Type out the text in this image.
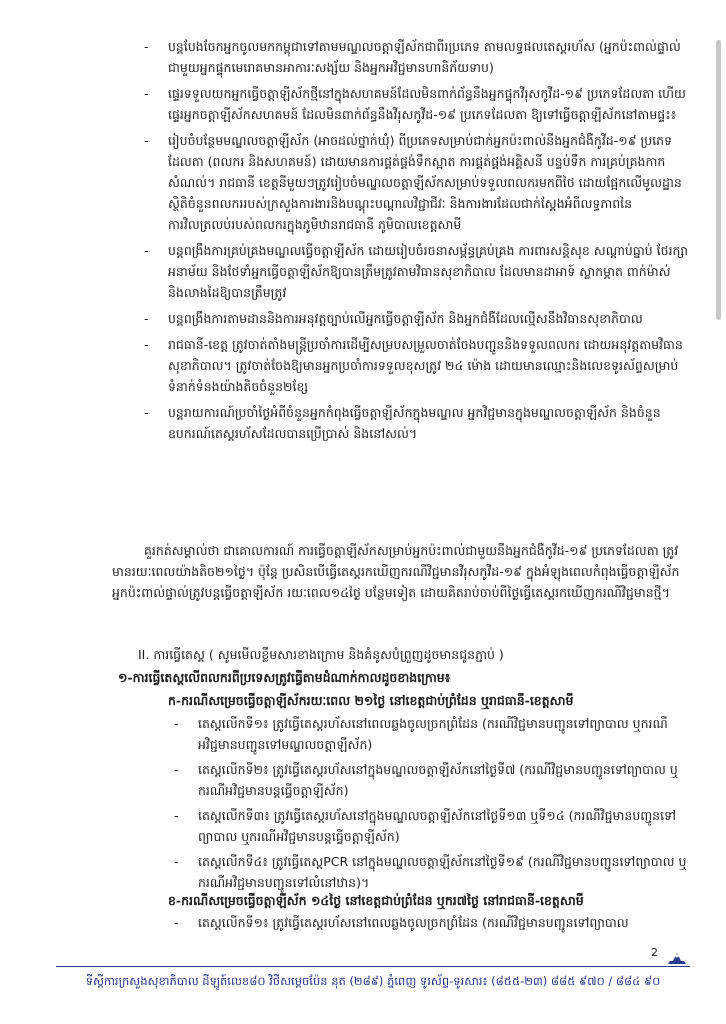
- បន្តបែងចែកអ្នកចូលមកកម្ពុជាទៅតាមមណ្ឌលចត្តាឡីស័កជាពីរប្រភេទ តាមលទ្ធផលតេស្តរហ័ស (អ្នកប៉ះពាល់ផ្ទាល់ជាមួយអ្នកផ្ទុកមេរោគមានអាការៈសង្ស័យ និងអ្នកអវិជ្ជមានហានិភ័យទាប)
- ផ្ទេរទទួលយកអ្នកធ្វើចត្តាឡីស័កថ្មីនៅក្នុងសហគមន៍ដែលមិនពាក់ព័ន្ធនឹងអ្នកផ្ទុកវីរុសកូវីដ-១៩ ប្រភេទដែលតា ហើយផ្ទេរអ្នកចត្តាឡីស័កសហគមន៍ ដែលមិនពាក់ព័ន្ធនឹងវីរុសកូវីដ-១៩ ប្រភេទដែលតា ឱ្យទៅធ្វើចត្តាឡីស័កនៅតាមផ្ទះ៖
- រៀបចំបន្ថែមមណ្ឌលចត្តាឡីស័ក (អាចដល់ថ្នាក់ឃុំ) ពីប្រភេទសម្រាប់ជាក់អ្នកប៉ះពាល់នឹងអ្នកជំងឺកូវីដ-១៩ ប្រភេទដែលតា (ពលករ និងសហគមន៍) ដោយមានការផ្គត់ផ្គង់ទឹកស្អាត ការផ្គត់ផ្គង់អគ្គិសនី បន្ទប់ទឹក ការគ្រប់គ្រងកាកសំណល់។ រាជធានី ខេត្តនីមួយៗត្រូវរៀបចំមណ្ឌលចត្តាឡីស័កសម្រាប់ទទួលពលករមកពីថៃ ដោយផ្អែកលើមូលដ្ឋានស្ថិតិចំនួនពលកររបស់ក្រសួងការងារនិងបណ្តុះបណ្តាលវិជ្ជាជីវៈ និងការងារដែលជាក់ស្តែងអំពីលទ្ធភាពនៃការវិលត្រលប់របស់ពលករក្នុងភូមិឋានរាជធានី ភូមិបាលខេត្តសាមី
- បន្តពង្រឹងការគ្រប់គ្រងមណ្ឌលធ្វើចត្តាឡីស័ក ដោយរៀបចំរចនាសម្ព័ន្ធគ្រប់គ្រង ការពារសន្តិសុខ សណ្តាប់ធ្នាប់ ថែរក្សាអនាម័យ និងថែទាំអ្នកធ្វើចត្តាឡីស័កឱ្យបានត្រឹមត្រូវតាមវិធានសុខាភិបាល ដែលមានដាអាទ៍ ស្លាកម្ភាត ពាក់ម៉ាស់ និងលាងដៃឱ្យបានត្រឹមត្រូវ
- បន្តពង្រឹងការតាមដាននិងការអនុវត្តច្បាប់លើអ្នកធ្វើចត្តាឡីស័ក និងអ្នកជំងឺដែលល្មើសនឹងវិធានសុខាភិបាល
- រាជធានី-ខេត្ត ត្រូវចាត់តាំងមន្ត្រីប្រចាំការដើម្បីសម្របសម្រួលចាត់ចែងបញ្ជូននិងទទួលពលករ ដោយអនុវត្តតាមវិធានសុខាភិបាល។ ត្រូវចាត់ចែងឱ្យមានអ្នកប្រចាំការទទួលខុសត្រូវ ២៤ ម៉ោង ដោយមានឈ្មោះនិងលេខទូរស័ព្ទសម្រាប់ទំនាក់ទំនងយ៉ាងតិចចំនួន២ខ្សែ
- បន្តរាយការណ៍ប្រចាំថ្ងៃអំពីចំនួនអ្នកកំពុងធ្វើចត្តាឡីស័កក្នុងមណ្ឌល អ្នកវិជ្ជមានក្នុងមណ្ឌលចត្តាឡីស័ក និងចំនួនឧបករណ៍តេស្តរហ័សដែលបានប្រើប្រាស់ និងនៅសល់។

គួរកត់សម្គាល់ថា ជាគោលការណ៍ ការធ្វើចត្តាឡីស័កសម្រាប់អ្នកប៉ះពាល់ជាមួយនឹងអ្នកជំងឺកូវីដ-១៩ ប្រភេទដែលតា ត្រូវមានរយៈពេលយ៉ាងតិច២១ថ្ងៃ។ ប៉ុន្តែ ប្រសិនបើធ្វើតេស្តរកឃើញករណីវិជ្ជមានវីរុសកូវីដ-១៩ ក្នុងអំឡុងពេលកំពុងធ្វើចត្តាឡីស័ក អ្នកប៉ះពាល់ផ្ទាល់ត្រូវបន្តធ្វើចត្តាឡីស័ក រយៈពេល១៤ថ្ងៃ បន្ថែមទៀត ដោយគិតរាប់ចាប់ពីថ្ងៃធ្វើតេស្តរកឃើញករណីវិជ្ជមានថ្មី។

II. ការធ្វើតេស្ត ( សូមមើលខ្លឹមសារខាងក្រោម និងគំនូសបំព្រួញដូចមានជូនភ្ជាប់ )

១-ការធ្វើតេស្តលើពលករពីប្រទេសត្រូវធ្វើតាមដំណាក់កាលដូចខាងក្រោម៖

ក-ករណីសម្រេចធ្វើចត្តាឡីស័ករយៈពេល ២១ថ្ងៃ នៅខេត្តជាប់ព្រំដែន ឬរាជធានី-ខេត្តសាមី

- តេស្តលើកទី១៖ ត្រូវធ្វើតេស្តរហ័សនៅពេលឆ្លងចូលច្រកព្រំដែន (ករណីវិជ្ជមានបញ្ជូនទៅព្យាបាល ឬករណីអវិជ្ជមានបញ្ជូនទៅមណ្ឌលចត្តាឡីស័ក)
- តេស្តលើកទី២៖ ត្រូវធ្វើតេស្តរហ័សនៅក្នុងមណ្ឌលចត្តាឡីស័កនៅថ្ងៃទី៧ (ករណីវិជ្ជមានបញ្ជូនទៅព្យាបាល ឬករណីអវិជ្ជមានបន្តធ្វើចត្តាឡីស័ក)
- តេស្តលើកទី៣៖ ត្រូវធ្វើតេស្តរហ័សនៅក្នុងមណ្ឌលចត្តាឡីស័កនៅថ្ងៃទី១៣ ឬទី១៤ (ករណីវិជ្ជមានបញ្ជូនទៅព្យាបាល ឬករណីអវិជ្ជមានបន្តធ្វើចត្តាឡីស័ក)
- តេស្តលើកទី៤៖ ត្រូវធ្វើតេស្តPCR នៅក្នុងមណ្ឌលចត្តាឡីស័កនៅថ្ងៃទី១៩ (ករណីវិជ្ជមានបញ្ជូនទៅព្យាបាល ឬករណីអវិជ្ជមានបញ្ជូនទៅលំនៅឋាន)។

ខ-ករណីសម្រេចធ្វើចត្តាឡីស័ក ១៤ថ្ងៃ នៅខេត្តជាប់ព្រំដែន ឬករ៧ថ្ងៃ នៅរាជធានី-ខេត្តសាមី

- តេស្តលើកទី១៖ ត្រូវធ្វើតេស្តរហ័សនៅពេលឆ្លងចូលច្រកព្រំដែន (ករណីវិជ្ជមានបញ្ជូនទៅព្យាបាល
2
ទីស្តីការក្រសួងសុខាភិបាល ដីឡូត៍លេខ៨០ វិថីសម្តេចប៉ែន នុត (២៨៩) ភ្នំពេញ ទូរស័ព្ទ-ទូរសារ៖ (៨៥៥-២៣) ៨៨៥ ៩៧០ / ៨៨៤ ៩០
